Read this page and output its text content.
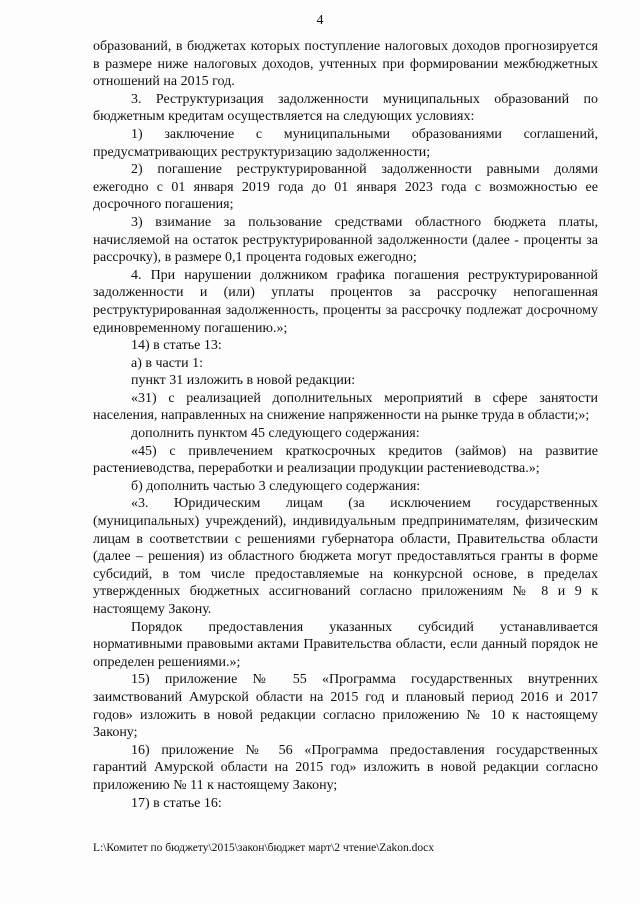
4

образований, в бюджетах которых поступление налоговых доходов прогнозируется в размере ниже налоговых доходов, учтенных при формировании межбюджетных отношений на 2015 год.

3. Реструктуризация задолженности муниципальных образований по бюджетным кредитам осуществляется на следующих условиях:

1) заключение с муниципальными образованиями соглашений, предусматривающих реструктуризацию задолженности;

2) погашение реструктурированной задолженности равными долями ежегодно с 01 января 2019 года до 01 января 2023 года с возможностью ее досрочного погашения;

3) взимание за пользование средствами областного бюджета платы, начисляемой на остаток реструктурированной задолженности (далее - проценты за рассрочку), в размере 0,1 процента годовых ежегодно;

4. При нарушении должником графика погашения реструктурированной задолженности и (или) уплаты процентов за рассрочку непогашенная реструктурированная задолженность, проценты за рассрочку подлежат досрочному единовременному погашению.»;

14) в статье 13:

а) в части 1:

пункт 31 изложить в новой редакции:

«31) с реализацией дополнительных мероприятий в сфере занятости населения, направленных на снижение напряженности на рынке труда в области;»;

дополнить пунктом 45 следующего содержания:

«45) с привлечением краткосрочных кредитов (займов) на развитие растениеводства, переработки и реализации продукции растениеводства.»;

б) дополнить частью 3 следующего содержания:

«3. Юридическим лицам (за исключением государственных (муниципальных) учреждений), индивидуальным предпринимателям, физическим лицам в соответствии с решениями губернатора области, Правительства области (далее – решения) из областного бюджета могут предоставляться гранты в форме субсидий, в том числе предоставляемые на конкурсной основе, в пределах утвержденных бюджетных ассигнований согласно приложениям № 8 и 9 к настоящему Закону.

Порядок предоставления указанных субсидий устанавливается нормативными правовыми актами Правительства области, если данный порядок не определен решениями.»;

15) приложение № 55 «Программа государственных внутренних заимствований Амурской области на 2015 год и плановый период 2016 и 2017 годов» изложить в новой редакции согласно приложению № 10 к настоящему Закону;

16) приложение № 56 «Программа предоставления государственных гарантий Амурской области на 2015 год» изложить в новой редакции согласно приложению № 11 к настоящему Закону;

17) в статье 16:

L:\Комитет по бюджету\2015\закон\бюджет март\2 чтение\Zakon.docx
